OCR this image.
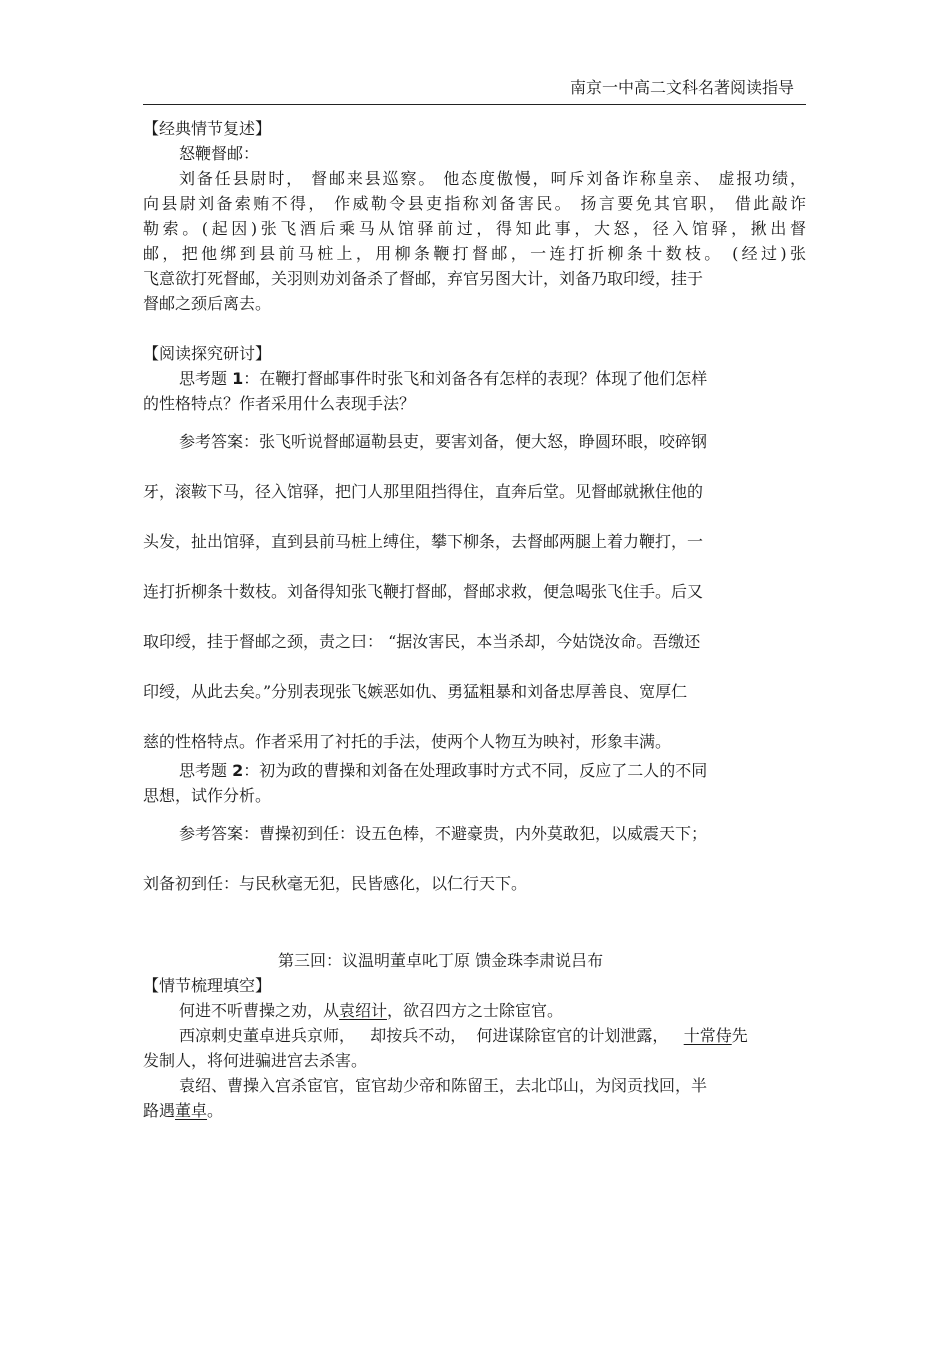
南京一中高二文科名著阅读指导
【经典情节复述】
怒鞭督邮：
刘备任县尉时， 督邮来县巡察。 他态度傲慢，呵斥刘备诈称皇亲、 虚报功绩，
向县尉刘备索贿不得， 作威勒令县吏指称刘备害民。 扬言要免其官职， 借此敲诈
勒索。(起因)张飞酒后乘马从馆驿前过，得知此事，大怒，径入馆驿，揪出督
邮，把他绑到县前马桩上，用柳条鞭打督邮，一连打折柳条十数枝。 (经过)张
飞意欲打死督邮，关羽则劝刘备杀了督邮，弃官另图大计，刘备乃取印绶，挂于
督邮之颈后离去。
【阅读探究研讨】
思考题 1：在鞭打督邮事件时张飞和刘备各有怎样的表现？体现了他们怎样
的性格特点？作者采用什么表现手法？
参考答案：张飞听说督邮逼勒县吏，要害刘备，便大怒，睁圆环眼，咬碎钢
牙，滚鞍下马，径入馆驿，把门人那里阻挡得住，直奔后堂。见督邮就揪住他的
头发，扯出馆驿，直到县前马桩上缚住，攀下柳条，去督邮两腿上着力鞭打，一
连打折柳条十数枝。刘备得知张飞鞭打督邮，督邮求救，便急喝张飞住手。后又
取印绶，挂于督邮之颈，责之曰： “据汝害民，本当杀却，今姑饶汝命。吾缴还
印绶，从此去矣。”分别表现张飞嫉恶如仇、勇猛粗暴和刘备忠厚善良、宽厚仁
慈的性格特点。作者采用了衬托的手法，使两个人物互为映衬，形象丰满。
思考题 2：初为政的曹操和刘备在处理政事时方式不同，反应了二人的不同
思想，试作分析。
参考答案：曹操初到任：设五色棒，不避豪贵，内外莫敢犯，以威震天下；
刘备初到任：与民秋毫无犯，民皆感化，以仁行天下。
第三回：议温明董卓叱丁原 馈金珠李肃说吕布
【情节梳理填空】
何进不听曹操之劝，从袁绍计，欲召四方之士除宦官。
西凉刺史董卓进兵京师，   却按兵不动，  何进谋除宦官的计划泄露，   十常侍先
发制人，将何进骗进宫去杀害。
袁绍、曹操入宫杀宦官，宦官劫少帝和陈留王，去北邙山，为闵贡找回，半
路遇董卓。
